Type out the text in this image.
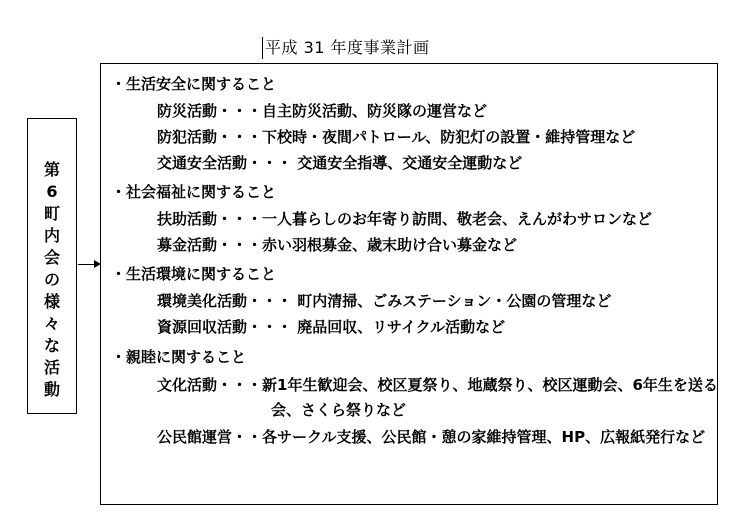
平成 31 年度事業計画
第
6
町
内
会
の
様
々
な
活
動
・生活安全に関すること
防災活動・・・自主防災活動、防災隊の運営など
防犯活動・・・下校時・夜間パトロール、防犯灯の設置・維持管理など
交通安全活動・・・ 交通安全指導、交通安全運動など
・社会福祉に関すること
扶助活動・・・一人暮らしのお年寄り訪問、敬老会、えんがわサロンなど
募金活動・・・赤い羽根募金、歳末助け合い募金など
・生活環境に関すること
環境美化活動・・・ 町内清掃、ごみステーション・公園の管理など
資源回収活動・・・ 廃品回収、リサイクル活動など
・親睦に関すること
文化活動・・・新1年生歓迎会、校区夏祭り、地蔵祭り、校区運動会、6年生を送る
会、さくら祭りなど
公民館運営・・各サークル支援、公民館・憩の家維持管理、HP、広報紙発行など
